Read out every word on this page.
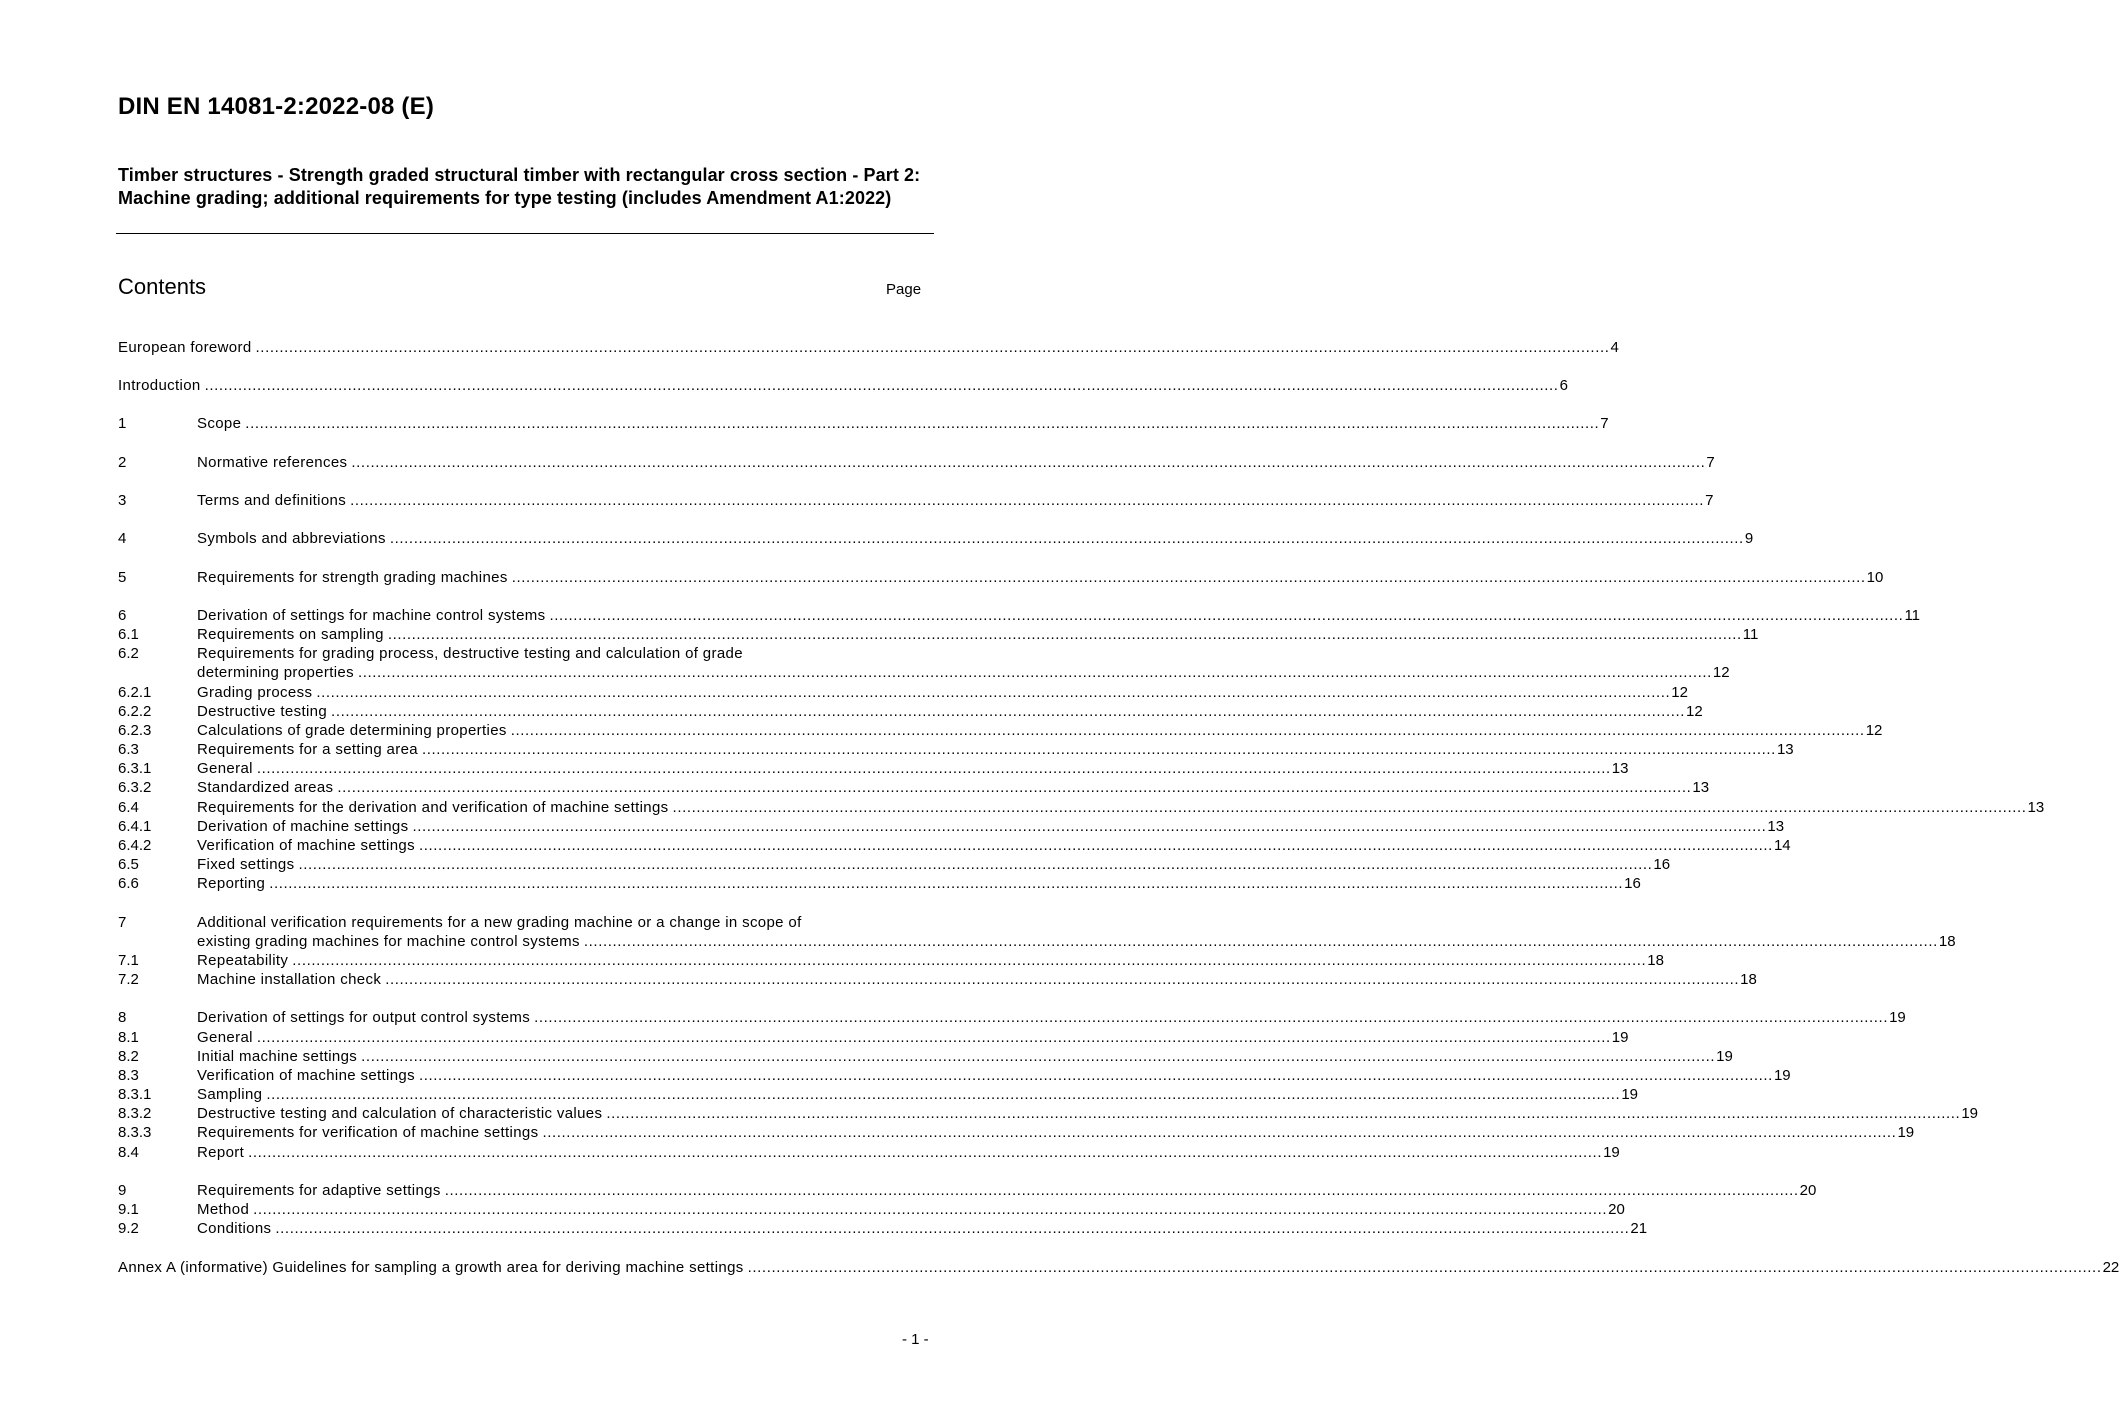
DIN EN 14081-2:2022-08 (E)
Timber structures - Strength graded structural timber with rectangular cross section - Part 2: Machine grading; additional requirements for type testing (includes Amendment A1:2022)
Contents	Page
European foreword .....	4
Introduction .....	6
1	Scope .....	7
2	Normative references .....	7
3	Terms and definitions .....	7
4	Symbols and abbreviations .....	9
5	Requirements for strength grading machines .....	10
6	Derivation of settings for machine control systems .....	11
6.1	Requirements on sampling .....	11
6.2	Requirements for grading process, destructive testing and calculation of grade
determining properties .....	12
6.2.1	Grading process .....	12
6.2.2	Destructive testing .....	12
6.2.3	Calculations of grade determining properties .....	12
6.3	Requirements for a setting area .....	13
6.3.1	General .....	13
6.3.2	Standardized areas .....	13
6.4	Requirements for the derivation and verification of machine settings .....	13
6.4.1	Derivation of machine settings .....	13
6.4.2	Verification of machine settings .....	14
6.5	Fixed settings .....	16
6.6	Reporting .....	16
7	Additional verification requirements for a new grading machine or a change in scope of
existing grading machines for machine control systems .....	18
7.1	Repeatability .....	18
7.2	Machine installation check .....	18
8	Derivation of settings for output control systems .....	19
8.1	General .....	19
8.2	Initial machine settings .....	19
8.3	Verification of machine settings .....	19
8.3.1	Sampling .....	19
8.3.2	Destructive testing and calculation of characteristic values .....	19
8.3.3	Requirements for verification of machine settings .....	19
8.4	Report .....	19
9	Requirements for adaptive settings .....	20
9.1	Method .....	20
9.2	Conditions .....	21
Annex A (informative) Guidelines for sampling a growth area for deriving machine settings .....	22
- 1 -
